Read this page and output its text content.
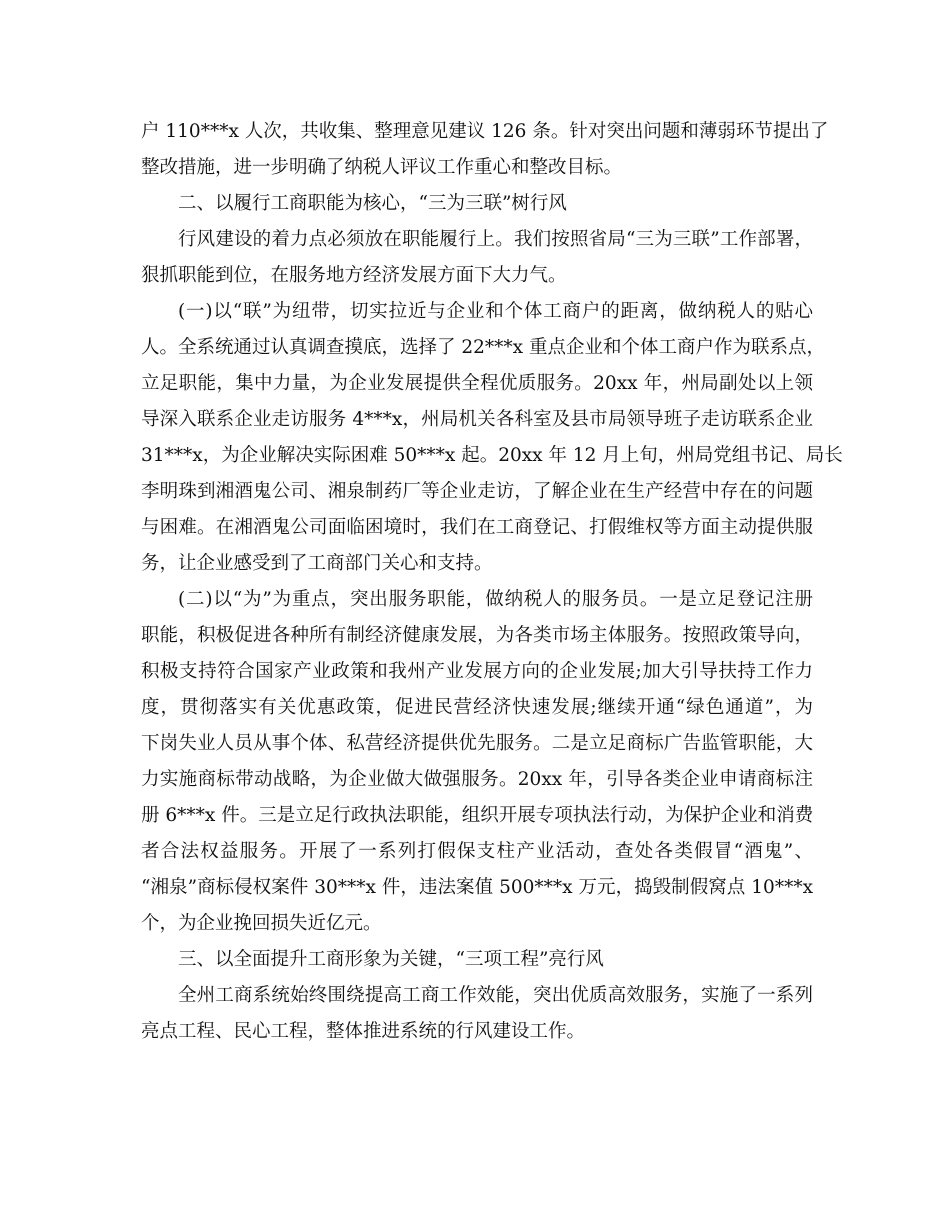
户 110***x 人次，共收集、整理意见建议 126 条。针对突出问题和薄弱环节提出了
整改措施，进一步明确了纳税人评议工作重心和整改目标。
二、以履行工商职能为核心，“三为三联”树行风
行风建设的着力点必须放在职能履行上。我们按照省局“三为三联”工作部署，
狠抓职能到位，在服务地方经济发展方面下大力气。
(一)以“联”为纽带，切实拉近与企业和个体工商户的距离，做纳税人的贴心
人。全系统通过认真调查摸底，选择了 22***x 重点企业和个体工商户作为联系点，
立足职能，集中力量，为企业发展提供全程优质服务。20xx 年，州局副处以上领
导深入联系企业走访服务 4***x，州局机关各科室及县市局领导班子走访联系企业
31***x，为企业解决实际困难 50***x 起。20xx 年 12 月上旬，州局党组书记、局长
李明珠到湘酒鬼公司、湘泉制药厂等企业走访，了解企业在生产经营中存在的问题
与困难。在湘酒鬼公司面临困境时，我们在工商登记、打假维权等方面主动提供服
务，让企业感受到了工商部门关心和支持。
(二)以“为”为重点，突出服务职能，做纳税人的服务员。一是立足登记注册
职能，积极促进各种所有制经济健康发展，为各类市场主体服务。按照政策导向，
积极支持符合国家产业政策和我州产业发展方向的企业发展;加大引导扶持工作力
度，贯彻落实有关优惠政策，促进民营经济快速发展;继续开通“绿色通道”，为
下岗失业人员从事个体、私营经济提供优先服务。二是立足商标广告监管职能，大
力实施商标带动战略，为企业做大做强服务。20xx 年，引导各类企业申请商标注
册 6***x 件。三是立足行政执法职能，组织开展专项执法行动，为保护企业和消费
者合法权益服务。开展了一系列打假保支柱产业活动，查处各类假冒“酒鬼”、
“湘泉”商标侵权案件 30***x 件，违法案值 500***x 万元，捣毁制假窝点 10***x
个，为企业挽回损失近亿元。
三、以全面提升工商形象为关键，“三项工程”亮行风
全州工商系统始终围绕提高工商工作效能，突出优质高效服务，实施了一系列
亮点工程、民心工程，整体推进系统的行风建设工作。
